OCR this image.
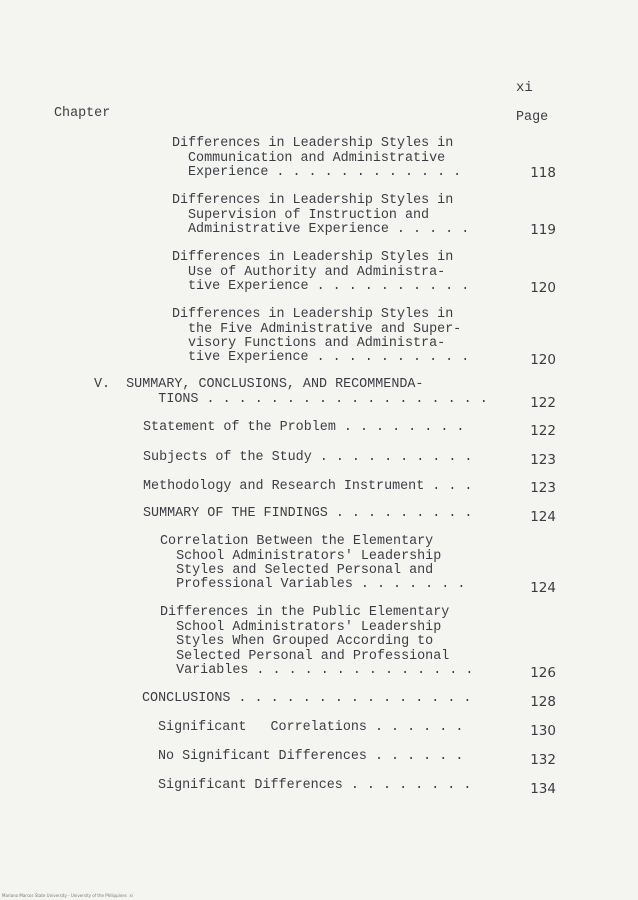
xi
Chapter	Page
Differences in Leadership Styles in
Communication and Administrative
Experience . . . . . . . . . . . .	118
Differences in Leadership Styles in
Supervision of Instruction and
Administrative Experience . . . . .	119
Differences in Leadership Styles in
Use of Authority and Administra-
tive Experience . . . . . . . . . .	120
Differences in Leadership Styles in
the Five Administrative and Super-
visory Functions and Administra-
tive Experience . . . . . . . . . .	120
V.  SUMMARY, CONCLUSIONS, AND RECOMMENDA-
TIONS . . . . . . . . . . . . . . . . . .	122
Statement of the Problem . . . . . . . .	122
Subjects of the Study . . . . . . . . . .	123
Methodology and Research Instrument . . .	123
SUMMARY OF THE FINDINGS . . . . . . . . .	124
Correlation Between the Elementary
School Administrators' Leadership
Styles and Selected Personal and
Professional Variables . . . . . . .	124
Differences in the Public Elementary
School Administrators' Leadership
Styles When Grouped According to
Selected Personal and Professional
Variables . . . . . . . . . . . . . .	126
CONCLUSIONS . . . . . . . . . . . . . . .	128
Significant   Correlations . . . . . .	130
No Significant Differences . . . . . .	132
Significant Differences . . . . . . . .	134
Mariano Marcos State University - University of the Philippines  xi
